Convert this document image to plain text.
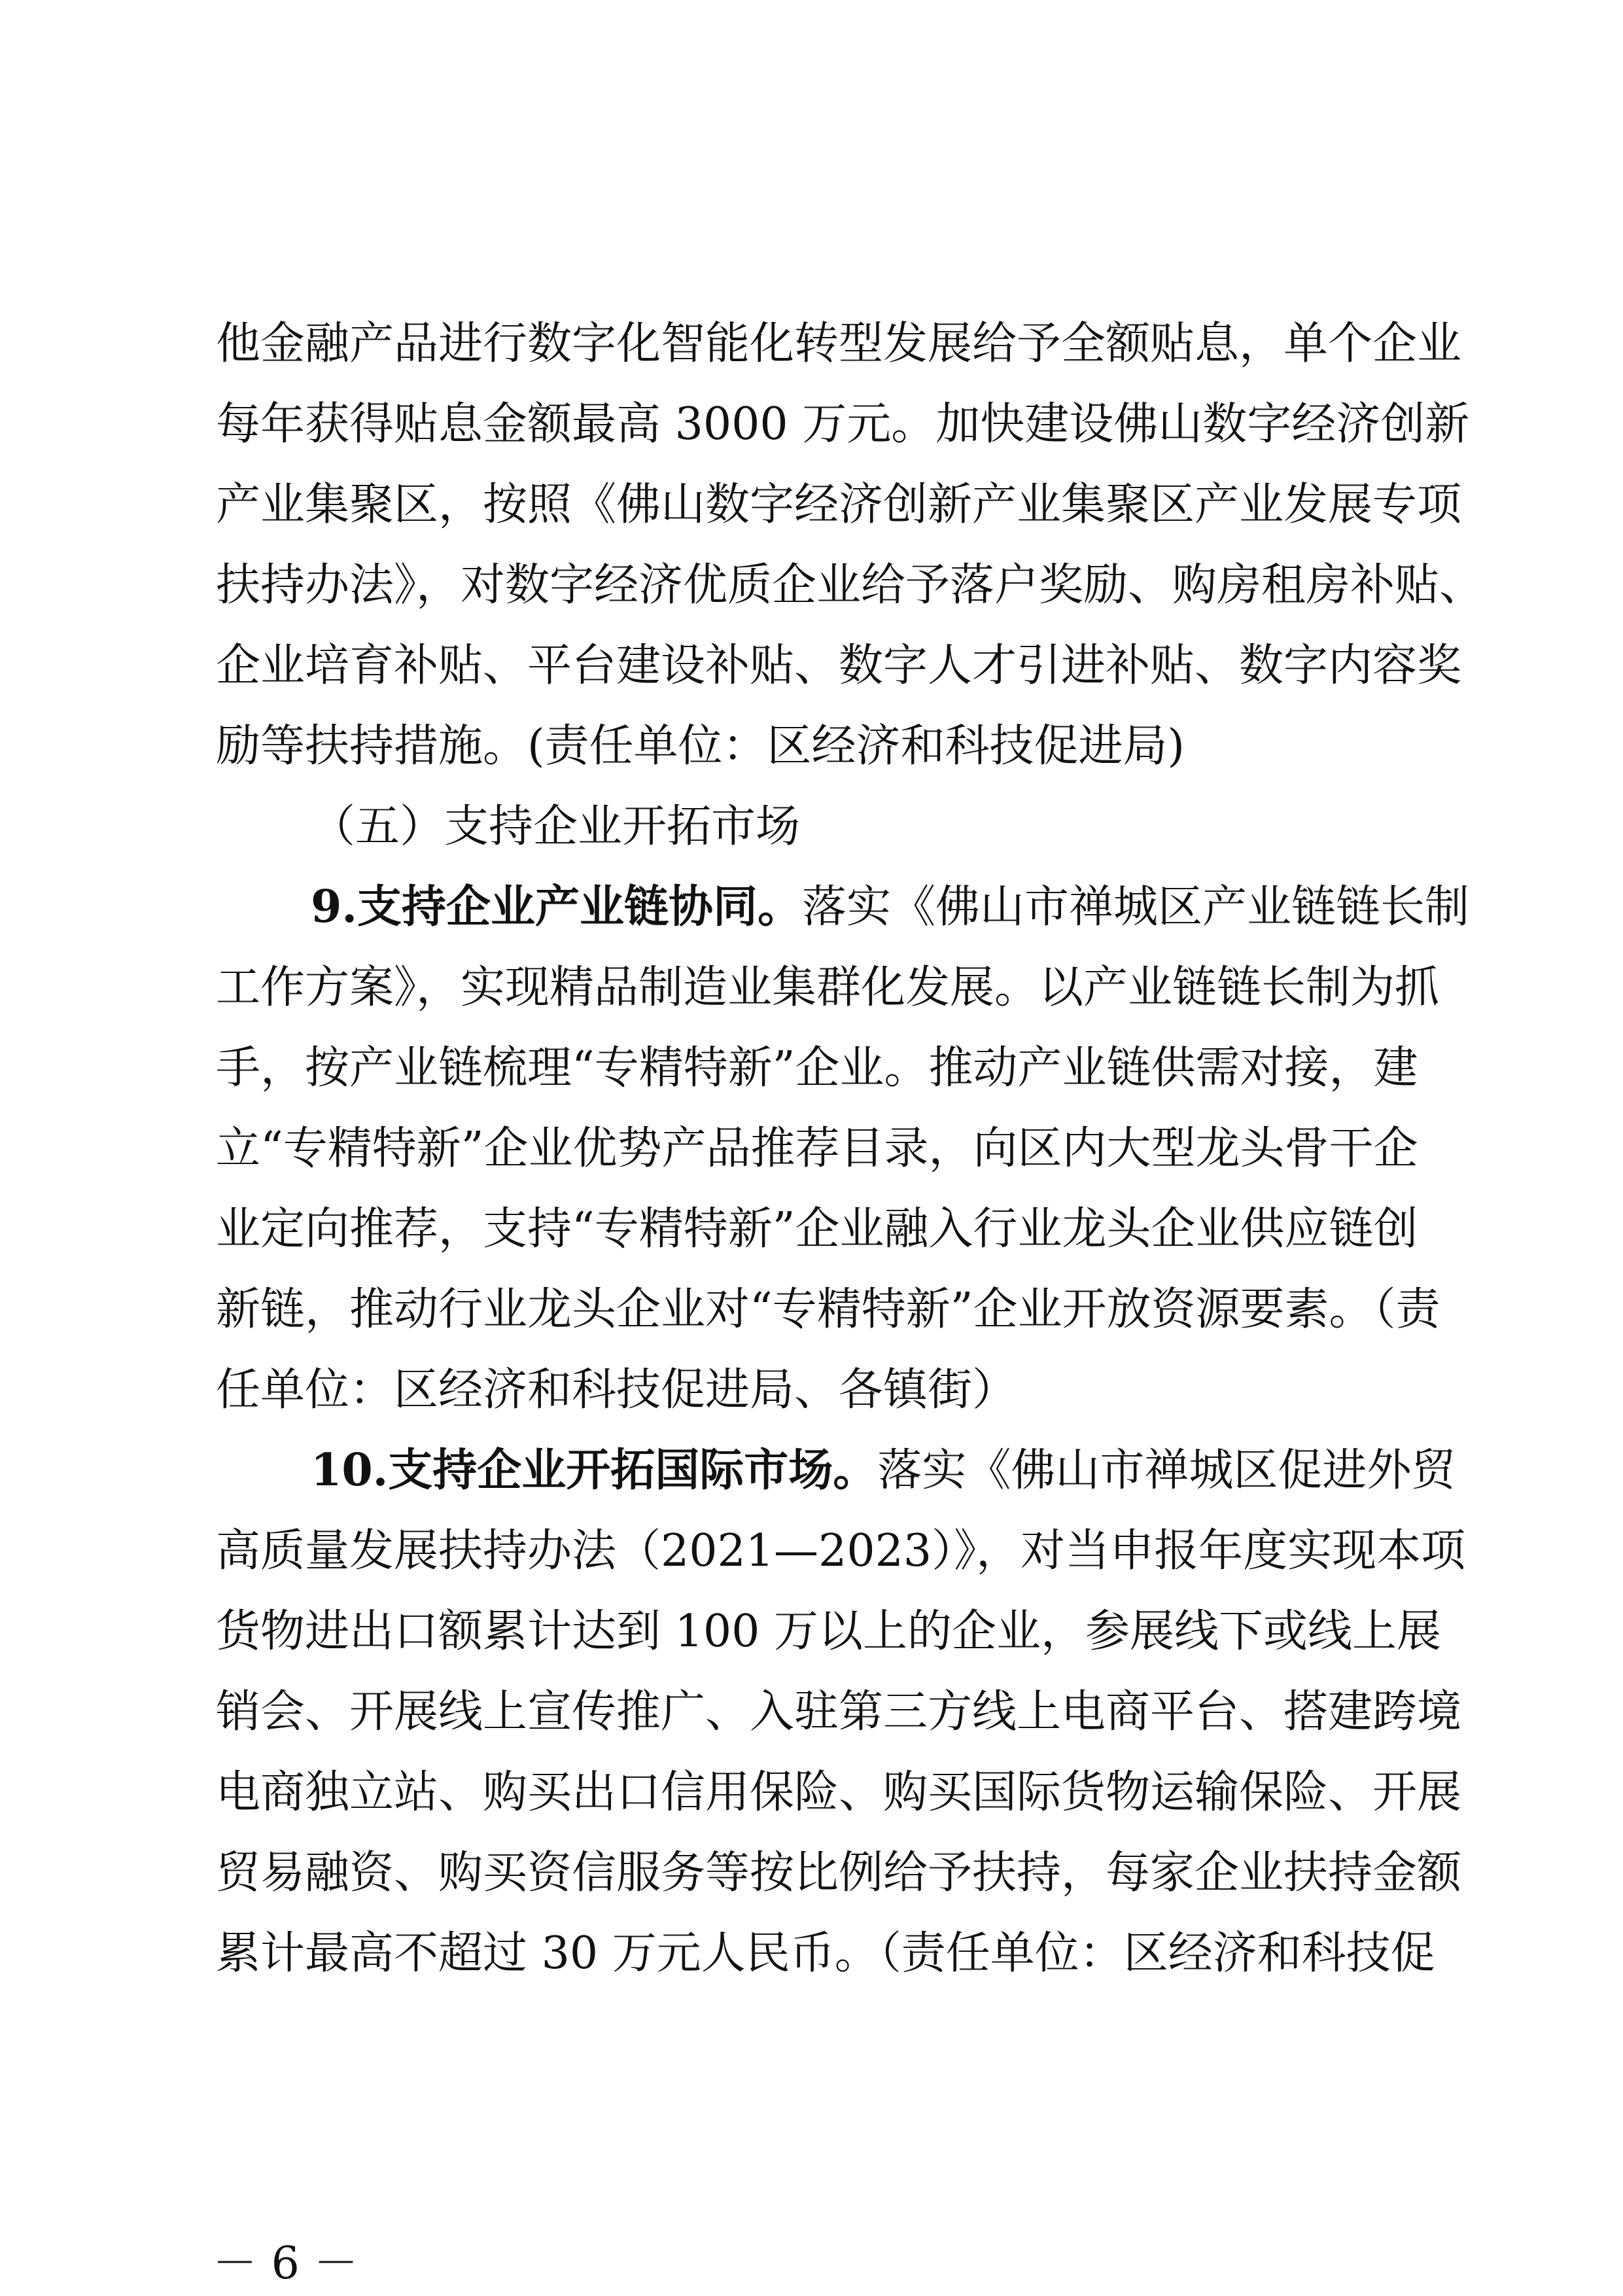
他金融产品进行数字化智能化转型发展给予全额贴息，单个企业
每年获得贴息金额最高 3000 万元。加快建设佛山数字经济创新
产业集聚区，按照《佛山数字经济创新产业集聚区产业发展专项
扶持办法》，对数字经济优质企业给予落户奖励、购房租房补贴、
企业培育补贴、平台建设补贴、数字人才引进补贴、数字内容奖
励等扶持措施。(责任单位：区经济和科技促进局)
（五）支持企业开拓市场
9.支持企业产业链协同。落实《佛山市禅城区产业链链长制
工作方案》，实现精品制造业集群化发展。以产业链链长制为抓
手，按产业链梳理“专精特新”企业。推动产业链供需对接，建
立“专精特新”企业优势产品推荐目录，向区内大型龙头骨干企
业定向推荐，支持“专精特新”企业融入行业龙头企业供应链创
新链，推动行业龙头企业对“专精特新”企业开放资源要素。（责
任单位：区经济和科技促进局、各镇街）
10.支持企业开拓国际市场。落实《佛山市禅城区促进外贸
高质量发展扶持办法（2021—2023）》，对当申报年度实现本项
货物进出口额累计达到 100 万以上的企业，参展线下或线上展
销会、开展线上宣传推广、入驻第三方线上电商平台、搭建跨境
电商独立站、购买出口信用保险、购买国际货物运输保险、开展
贸易融资、购买资信服务等按比例给予扶持，每家企业扶持金额
累计最高不超过 30 万元人民币。（责任单位：区经济和科技促
－ 6 －
